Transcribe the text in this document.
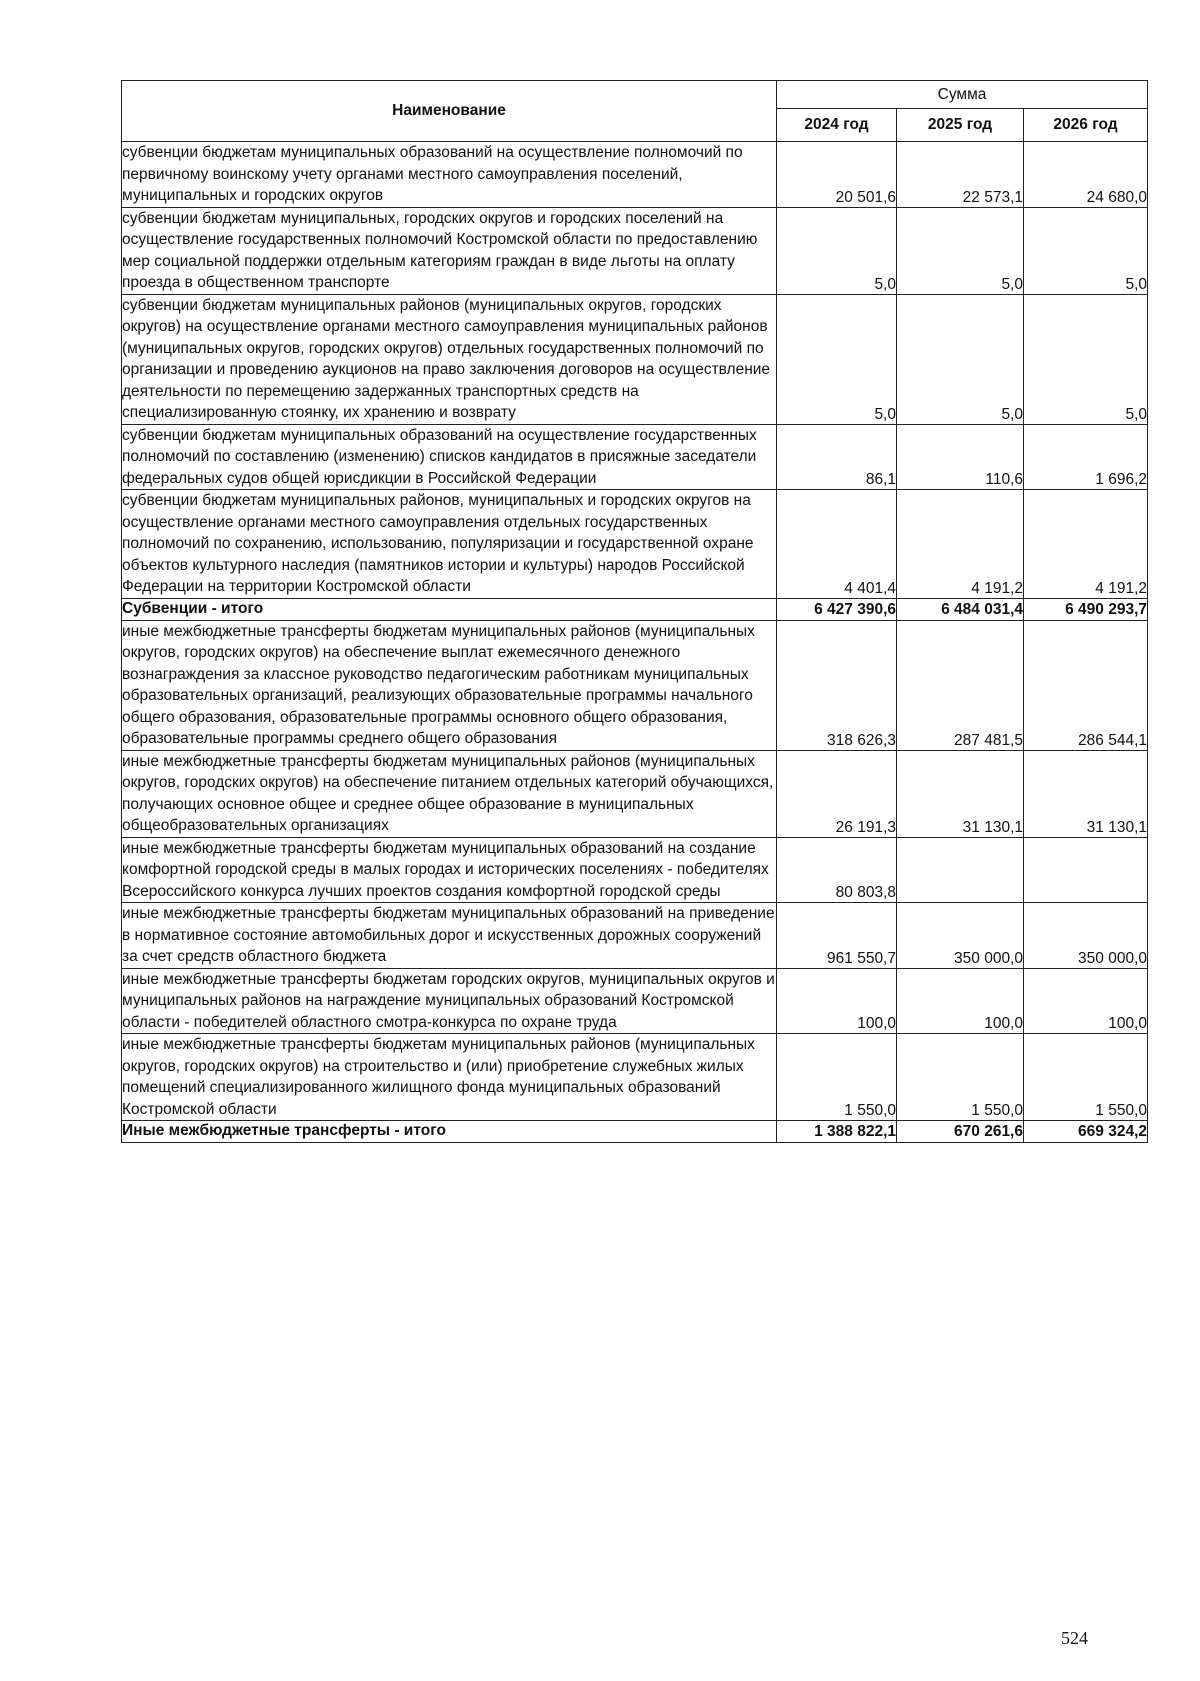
Наименование	Сумма		
	2024 год	2025 год	2026 год
субвенции бюджетам муниципальных образований на осуществление полномочий по первичному воинскому учету органами местного самоуправления поселений, муниципальных и городских округов	20 501,6	22 573,1	24 680,0
субвенции бюджетам муниципальных, городских округов и городских поселений на осуществление государственных полномочий Костромской области по предоставлению мер социальной поддержки отдельным категориям граждан в виде льготы на оплату проезда в общественном транспорте	5,0	5,0	5,0
субвенции бюджетам муниципальных районов (муниципальных округов, городских округов) на осуществление органами местного самоуправления муниципальных районов (муниципальных округов, городских округов) отдельных государственных полномочий по организации и проведению аукционов на право заключения договоров на осуществление деятельности по перемещению задержанных транспортных средств на специализированную стоянку, их хранению и возврату	5,0	5,0	5,0
субвенции бюджетам муниципальных образований на осуществление государственных полномочий по составлению (изменению) списков кандидатов в присяжные заседатели федеральных судов общей юрисдикции в Российской Федерации	86,1	110,6	1 696,2
субвенции бюджетам муниципальных районов, муниципальных и городских округов на осуществление органами местного самоуправления отдельных государственных полномочий по сохранению, использованию, популяризации и государственной охране объектов культурного наследия (памятников истории и культуры) народов Российской Федерации на территории Костромской области	4 401,4	4 191,2	4 191,2
Субвенции - итого	6 427 390,6	6 484 031,4	6 490 293,7
иные межбюджетные трансферты бюджетам муниципальных районов (муниципальных округов, городских округов) на обеспечение выплат ежемесячного денежного вознаграждения за классное руководство педагогическим работникам муниципальных образовательных организаций, реализующих образовательные программы начального общего образования, образовательные программы основного общего образования, образовательные программы среднего общего образования	318 626,3	287 481,5	286 544,1
иные межбюджетные трансферты бюджетам муниципальных районов (муниципальных округов, городских округов) на обеспечение питанием отдельных категорий обучающихся, получающих основное общее и среднее общее образование в муниципальных общеобразовательных организациях	26 191,3	31 130,1	31 130,1
иные межбюджетные трансферты бюджетам муниципальных образований на создание комфортной городской среды в малых городах и исторических поселениях - победителях Всероссийского конкурса лучших проектов создания комфортной городской среды	80 803,8		
иные межбюджетные трансферты бюджетам муниципальных образований на приведение в нормативное состояние автомобильных дорог и искусственных дорожных сооружений за счет средств областного бюджета	961 550,7	350 000,0	350 000,0
иные межбюджетные трансферты бюджетам городских округов, муниципальных округов и муниципальных районов на награждение муниципальных образований Костромской области - победителей областного смотра-конкурса по охране труда	100,0	100,0	100,0
иные межбюджетные трансферты бюджетам муниципальных районов (муниципальных округов, городских округов) на строительство и (или) приобретение служебных жилых помещений специализированного жилищного фонда муниципальных образований Костромской области	1 550,0	1 550,0	1 550,0
Иные межбюджетные трансферты - итого	1 388 822,1	670 261,6	669 324,2
524
